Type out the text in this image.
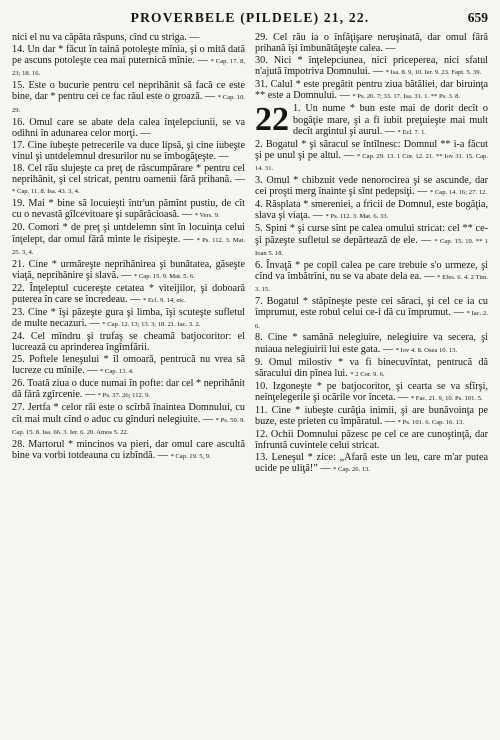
PROVERBELE (PILDELE) 21, 22.	659

nici el nu va căpăta răspuns, cînd cu striga. —

14. Un dar * făcut în taină potoleşte mînia, şi o mită dată pe ascuns potoleşte cea mai puternică mînie. — * Cap. 17. 8, 23; 18. 16.

15. Este o bucurie pentru cel neprihănit să facă ce este bine, dar * pentru cei ce fac răul este o groază. — * Cap. 10. 29.

16. Omul care se abate dela calea înţelepciunii, se va odihni în adunarea celor morţi. —

17. Cine iubeşte petrecerile va duce lipsă, şi cine iubeşte vinul şi untdelemnul dresurilor nu se îmbogăţeşte. —

18. Cel rău slujeşte ca preţ de răscumpărare * pentru cel neprihănit, şi cel stricat, pentru oamenii fără prihană. — * Cap. 11. 8. Isa. 43. 3, 4.

19. Mai * bine să locuieşti într'un pămînt pustiu, de cît cu o nevastă gîlcevitoare şi supărăcioasă. — * Vers. 9.

20. Comori * de preţ şi untdelemn sînt în locuinţa celui înţelept, dar omul fără minte le risipeşte. — * Ps. 112. 3. Mat. 25. 3, 4.

21. Cine * urmăreşte neprihănirea şi bunătatea, găseşte viaţă, neprihănire şi slavă. — * Cap. 15. 9. Mat. 5. 6.

22. Înţeleptul cucereşte cetatea * viteijilor, şi doboară puterea în care se încredeau. — * Ecl. 9. 14, etc.

23. Cine * îşi păzeşte gura şi limba, îşi scuteşte sufletul de multe necazuri. — * Cap. 12. 13; 13. 3; 18. 21. Iac. 3. 2.

24. Cel mîndru şi trufaş se cheamă batjocoritor: el lucrează cu aprinderea îngîmfării.

25. Poftele leneşului * îl omoară, pentrucă nu vrea să lucreze cu mînile. — * Cap. 13. 4.

26. Toată ziua o duce numai în pofte: dar cel * neprihănit dă fără zgîrcenie. — * Ps. 37. 26; 112. 9.

27. Jertfa * celor răi este o scîrbă înaintea Domnului, cu cît mai mult cînd o aduc cu gînduri nelegiuite. — * Ps. 50. 9. Cap. 15. 8. Isa. 66. 3. Ier. 6. 20. Amos 5. 22.

28. Martorul * mincinos va pieri, dar omul care ascultă bine va vorbi totdeauna cu izbîndă. — * Cap. 19. 5, 9.

29. Cel rău ia o înfăţişare neruşinată, dar omul fără prihană îşi îmbunătăţeşte calea. —

30. Nici * înţelepciunea, nici priceperea, nici sfatul n'ajută împotriva Domnului. — * Isa. 8. 9, 10. Ier. 9. 23. Fapt. 5. 39.

31. Calul * este pregătit pentru ziua bătăliei, dar biruinţa ** este a Domnului. — * Ps. 20. 7; 33. 17. Isa. 31. 1. ** Ps. 3. 8.

22 1. Un nume * bun este mai de dorit decît o bogăţie mare, şi a fi iubit preţuieşte mai mult decît argintul şi aurul. — * Ecl. 7. 1.

2. Bogatul * şi săracul se întîlnesc: Domnul ** i-a făcut şi pe unul şi pe altul. — * Cap. 29. 13. 1 Cor. 12. 21. ** Iov 31. 15. Cap. 14. 31.

3. Omul * chibzuit vede nenorocirea şi se ascunde, dar cei proşti merg înainte şi sînt pedepsiţi. — * Cap. 14. 16; 27. 12.

4. Răsplata * smereniei, a fricii de Domnul, este bogăţia, slava şi viaţa. — * Ps. 112. 3. Mat. 6. 33.

5. Spini * şi curse sînt pe calea omului stricat: cel ** ce-şi păzeşte sufletul se depărtează de ele. — * Cap. 15. 19. ** 1 Ioan 5. 18.

6. Învaţă * pe copil calea pe care trebuie s'o urmeze, şi cînd va îmbătrîni, nu se va abate dela ea. — * Efes. 6. 4. 2 Tim. 3. 15.

7. Bogatul * stăpîneşte peste cei săraci, şi cel ce ia cu împrumut, este robul celui ce-i dă cu împrumut. — * Iac. 2. 6.

8. Cine * samănă nelegiuire, nelegiuire va secera, şi nuiaua nelegiuirii lui este gata. — * Iov 4. 8. Osea 10. 13.

9. Omul milostiv * va fi binecuvîntat, pentrucă dă săracului din pînea lui. * 2 Cor. 9. 6.

10. Izgoneşte * pe batjocoritor, şi cearta se va sfîrşi, neînţelegerile şi ocările vor înceta. — * Fac. 21. 9, 10. Ps. 101. 5.

11. Cine * iubeşte curăţia inimii, şi are bunăvoinţa pe buze, este prieten cu împăratul. — * Ps. 101. 6. Cap. 16. 13.

12. Ochii Domnului păzesc pe cel ce are cunoştinţă, dar înfruntă cuvintele celui stricat.

13. Leneşul * zice: „Afară este un leu, care m'ar putea ucide pe uliţă!” — * Cap. 26. 13.
